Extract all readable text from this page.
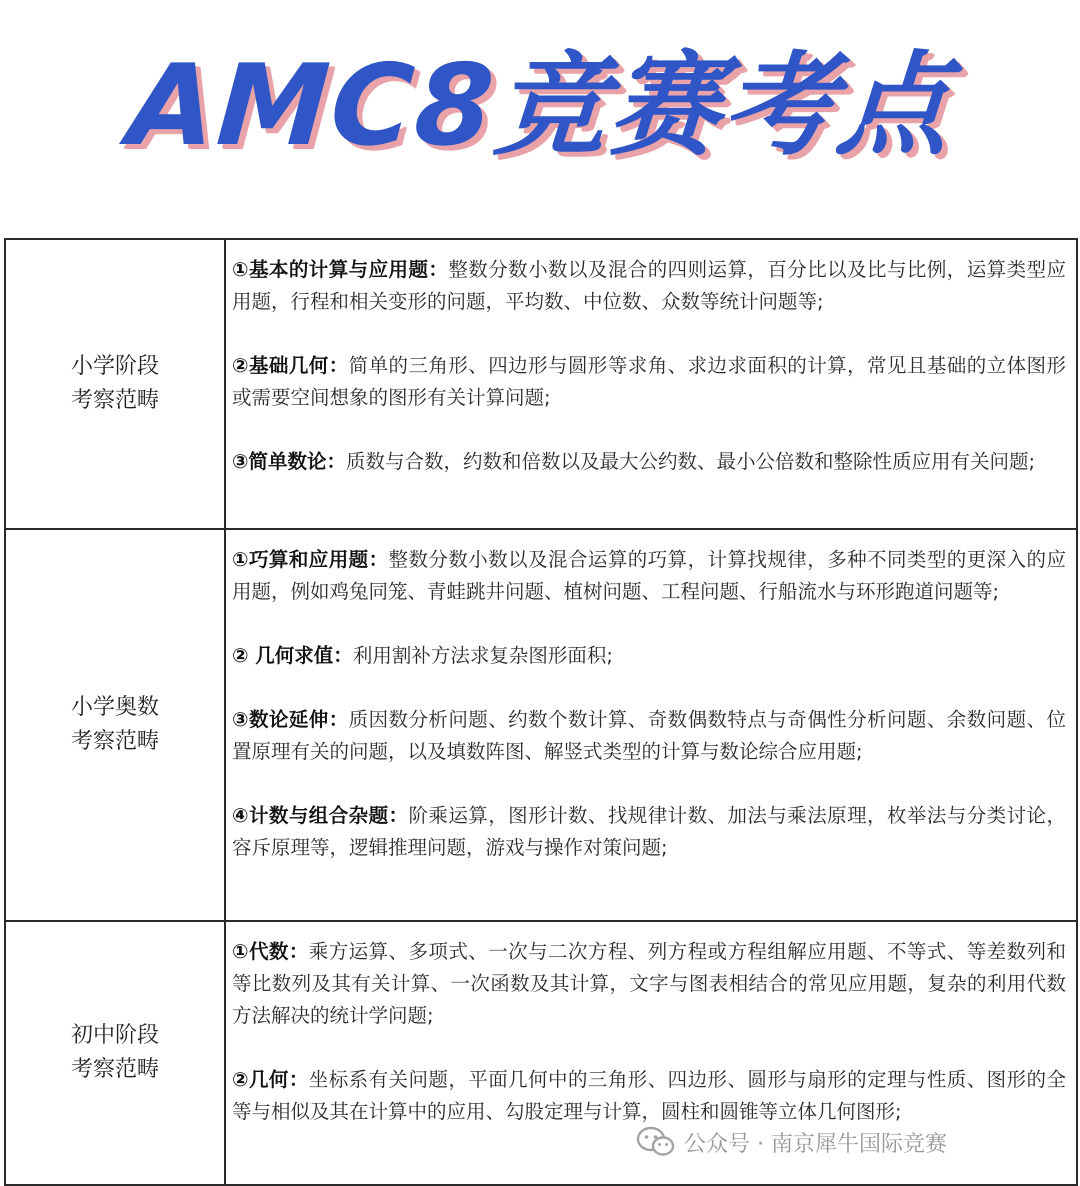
AMC8竞赛考点
小学阶段
考察范畴

①基本的计算与应用题：整数分数小数以及混合的四则运算，百分比以及比与比例，运算类型应用题，行程和相关变形的问题，平均数、中位数、众数等统计问题等;

②基础几何：简单的三角形、四边形与圆形等求角、求边求面积的计算，常见且基础的立体图形或需要空间想象的图形有关计算问题;

③简单数论：质数与合数，约数和倍数以及最大公约数、最小公倍数和整除性质应用有关问题;

小学奥数
考察范畴

①巧算和应用题：整数分数小数以及混合运算的巧算，计算找规律，多种不同类型的更深入的应用题，例如鸡兔同笼、青蛙跳井问题、植树问题、工程问题、行船流水与环形跑道问题等;

② 几何求值：利用割补方法求复杂图形面积;

③数论延伸：质因数分析问题、约数个数计算、奇数偶数特点与奇偶性分析问题、余数问题、位置原理有关的问题，以及填数阵图、解竖式类型的计算与数论综合应用题;

④计数与组合杂题：阶乘运算，图形计数、找规律计数、加法与乘法原理，枚举法与分类讨论，容斥原理等，逻辑推理问题，游戏与操作对策问题;

初中阶段
考察范畴

①代数：乘方运算、多项式、一次与二次方程、列方程或方程组解应用题、不等式、等差数列和等比数列及其有关计算、一次函数及其计算，文字与图表相结合的常见应用题，复杂的利用代数方法解决的统计学问题;

②几何：坐标系有关问题，平面几何中的三角形、四边形、圆形与扇形的定理与性质、图形的全等与相似及其在计算中的应用、勾股定理与计算，圆柱和圆锥等立体几何图形;

公众号 · 南京犀牛国际竞赛
